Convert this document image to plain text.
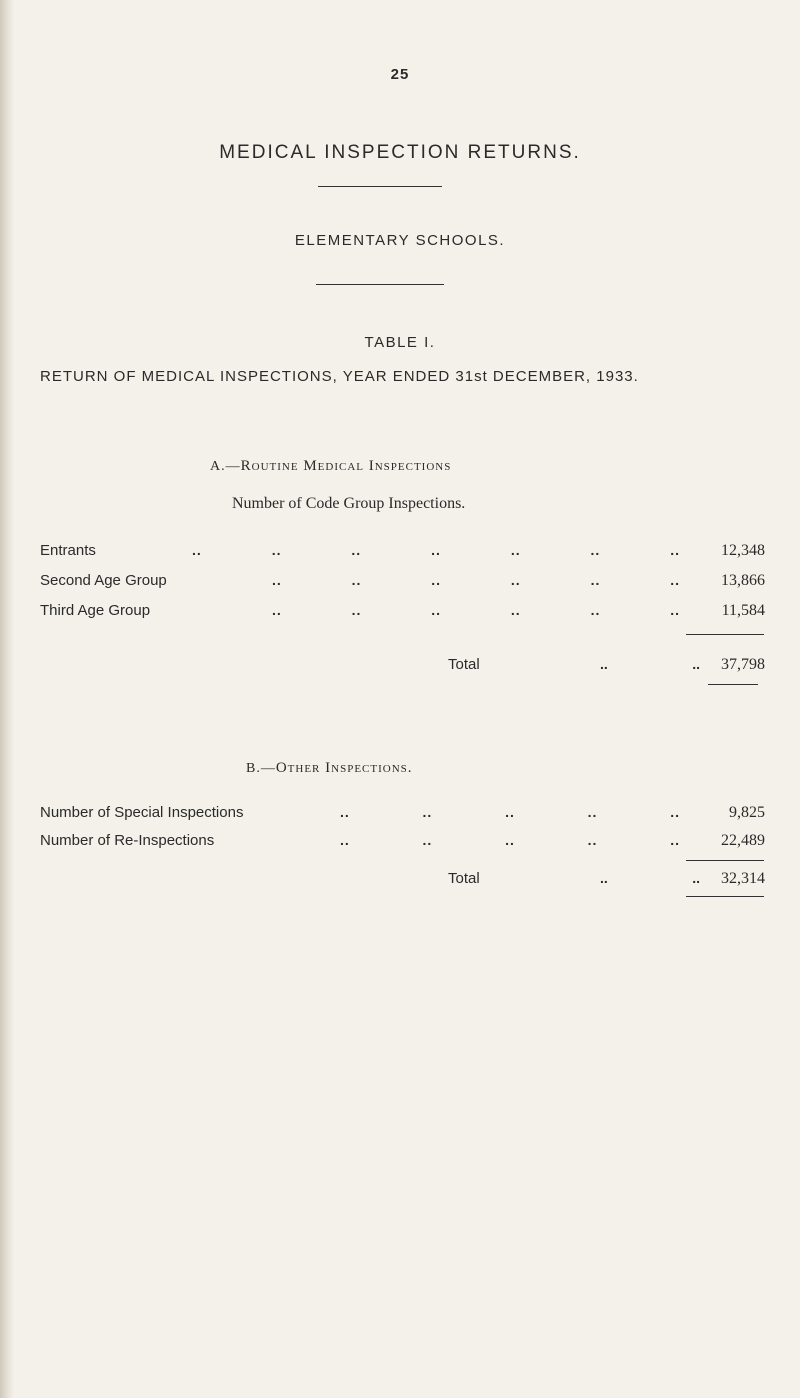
25
MEDICAL INSPECTION RETURNS.
ELEMENTARY SCHOOLS.
TABLE I.
RETURN OF MEDICAL INSPECTIONS, YEAR ENDED 31st DECEMBER, 1933.
A.—Routine Medical Inspections
Number of Code Group Inspections.
Entrants	..	..	..	..	..	..	..	12,348
Second Age Group	..	..	..	..	..	..	13,866
Third Age Group	..	..	..	..	..	..	11,584
Total	..	..	37,798
B.—Other Inspections.
Number of Special Inspections	..	..	..	..	..	9,825
Number of Re-Inspections	..	..	..	..	..	22,489
Total	..	..	32,314
